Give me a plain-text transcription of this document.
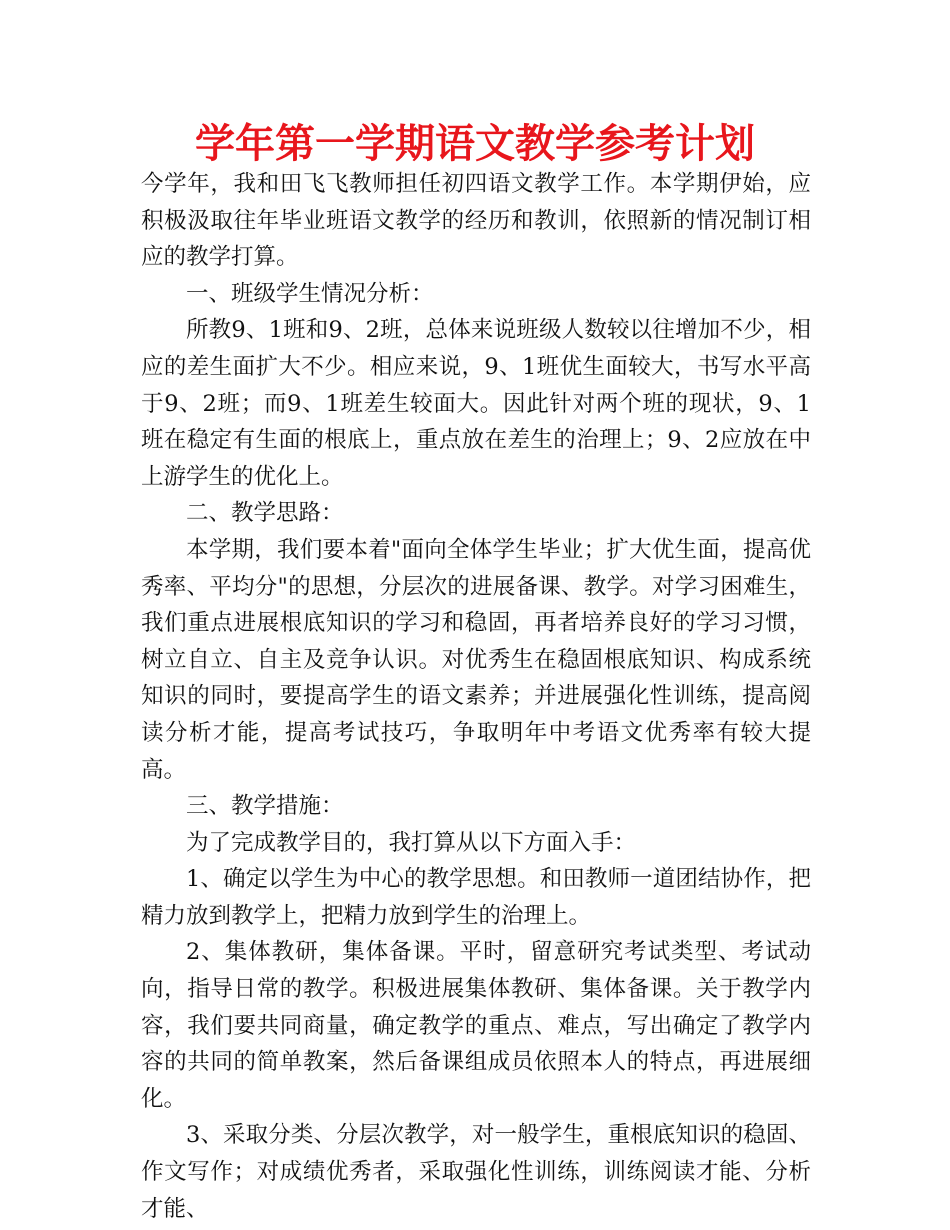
学年第一学期语文教学参考计划

今学年，我和田飞飞教师担任初四语文教学工作。本学期伊始，应积极汲取往年毕业班语文教学的经历和教训，依照新的情况制订相应的教学打算。

一、班级学生情况分析：

所教9、1班和9、2班，总体来说班级人数较以往增加不少，相应的差生面扩大不少。相应来说，9、1班优生面较大，书写水平高于9、2班；而9、1班差生较面大。因此针对两个班的现状，9、1班在稳定有生面的根底上，重点放在差生的治理上；9、2应放在中上游学生的优化上。

二、教学思路：

本学期，我们要本着"面向全体学生毕业；扩大优生面，提高优秀率、平均分"的思想，分层次的进展备课、教学。对学习困难生，我们重点进展根底知识的学习和稳固，再者培养良好的学习习惯，树立自立、自主及竞争认识。对优秀生在稳固根底知识、构成系统知识的同时，要提高学生的语文素养；并进展强化性训练，提高阅读分析才能，提高考试技巧，争取明年中考语文优秀率有较大提高。

三、教学措施：

为了完成教学目的，我打算从以下方面入手：

1、确定以学生为中心的教学思想。和田教师一道团结协作，把精力放到教学上，把精力放到学生的治理上。

2、集体教研，集体备课。平时，留意研究考试类型、考试动向，指导日常的教学。积极进展集体教研、集体备课。关于教学内容，我们要共同商量，确定教学的重点、难点，写出确定了教学内容的共同的简单教案，然后备课组成员依照本人的特点，再进展细化。

3、采取分类、分层次教学，对一般学生，重根底知识的稳固、作文写作；对成绩优秀者，采取强化性训练，训练阅读才能、分析才能、
